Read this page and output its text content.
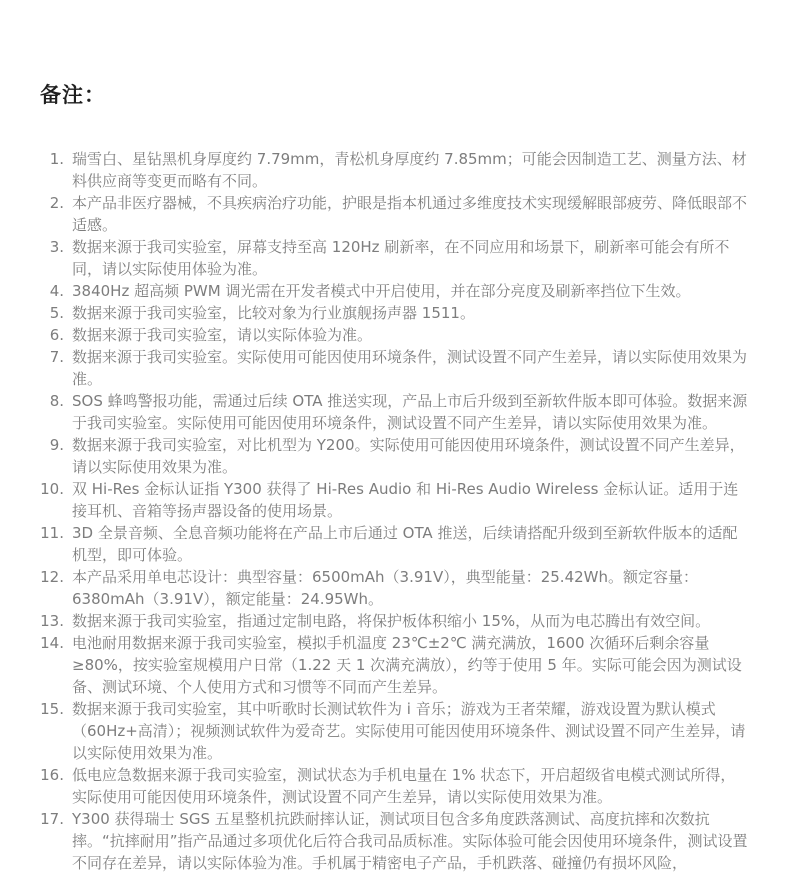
备注：
1. 瑞雪白、星钻黑机身厚度约 7.79mm，青松机身厚度约 7.85mm；可能会因制造工艺、测量方法、材料供应商等变更而略有不同。
2. 本产品非医疗器械，不具疾病治疗功能，护眼是指本机通过多维度技术实现缓解眼部疲劳、降低眼部不适感。
3. 数据来源于我司实验室，屏幕支持至高 120Hz 刷新率，在不同应用和场景下，刷新率可能会有所不同，请以实际使用体验为准。
4. 3840Hz 超高频 PWM 调光需在开发者模式中开启使用，并在部分亮度及刷新率挡位下生效。
5. 数据来源于我司实验室，比较对象为行业旗舰扬声器 1511。
6. 数据来源于我司实验室，请以实际体验为准。
7. 数据来源于我司实验室。实际使用可能因使用环境条件，测试设置不同产生差异，请以实际使用效果为准。
8. SOS 蜂鸣警报功能，需通过后续 OTA 推送实现，产品上市后升级到至新软件版本即可体验。数据来源于我司实验室。实际使用可能因使用环境条件，测试设置不同产生差异，请以实际使用效果为准。
9. 数据来源于我司实验室，对比机型为 Y200。实际使用可能因使用环境条件，测试设置不同产生差异，请以实际使用效果为准。
10. 双 Hi-Res 金标认证指 Y300 获得了 Hi-Res Audio 和 Hi-Res Audio Wireless 金标认证。适用于连接耳机、音箱等扬声器设备的使用场景。
11. 3D 全景音频、全息音频功能将在产品上市后通过 OTA 推送，后续请搭配升级到至新软件版本的适配机型，即可体验。
12. 本产品采用单电芯设计：典型容量：6500mAh（3.91V），典型能量：25.42Wh。额定容量：6380mAh（3.91V），额定能量：24.95Wh。
13. 数据来源于我司实验室，指通过定制电路，将保护板体积缩小 15%，从而为电芯腾出有效空间。
14. 电池耐用数据来源于我司实验室，模拟手机温度 23℃±2℃ 满充满放，1600 次循环后剩余容量≥80%，按实验室规模用户日常（1.22 天 1 次满充满放），约等于使用 5 年。实际可能会因为测试设备、测试环境、个人使用方式和习惯等不同而产生差异。
15. 数据来源于我司实验室，其中听歌时长测试软件为 i 音乐；游戏为王者荣耀，游戏设置为默认模式（60Hz+高清）；视频测试软件为爱奇艺。实际使用可能因使用环境条件、测试设置不同产生差异，请以实际使用效果为准。
16. 低电应急数据来源于我司实验室，测试状态为手机电量在 1% 状态下，开启超级省电模式测试所得，实际使用可能因使用环境条件，测试设置不同产生差异，请以实际使用效果为准。
17. Y300 获得瑞士 SGS 五星整机抗跌耐摔认证，测试项目包含多角度跌落测试、高度抗摔和次数抗摔。“抗摔耐用”指产品通过多项优化后符合我司品质标准。实际体验可能会因使用环境条件，测试设置不同存在差异，请以实际体验为准。手机属于精密电子产品，手机跌落、碰撞仍有损坏风险，
